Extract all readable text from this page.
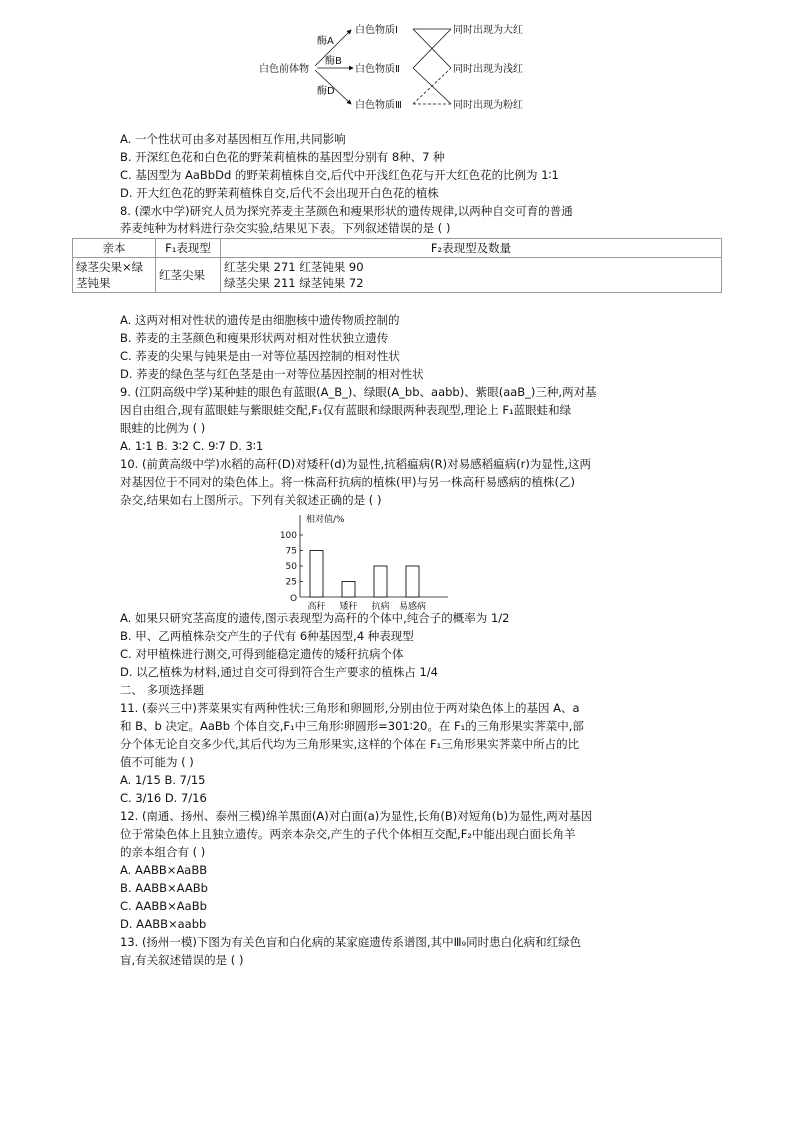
白色前体物
酶A
酶B
酶D
白色物质Ⅰ
白色物质Ⅱ
白色物质Ⅲ
同时出现为大红
同时出现为浅红
同时出现为粉红
A. 一个性状可由多对基因相互作用,共同影响
B. 开深红色花和白色花的野茉莉植株的基因型分别有 8种、7 种
C. 基因型为 AaBbDd 的野茉莉植株自交,后代中开浅红色花与开大红色花的比例为 1∶1
D. 开大红色花的野茉莉植株自交,后代不会出现开白色花的植株
8. (溧水中学)研究人员为探究荞麦主茎颜色和瘦果形状的遗传规律,以两种自交可育的普通
荞麦纯种为材料进行杂交实验,结果见下表。下列叙述错误的是 ( )
亲本	F₁表现型	F₂表现型及数量
绿茎尖果×绿
茎钝果	红茎尖果	红茎尖果 271 红茎钝果 90
绿茎尖果 211 绿茎钝果 72
A. 这两对相对性状的遗传是由细胞核中遗传物质控制的
B. 荞麦的主茎颜色和瘦果形状两对相对性状独立遗传
C. 荞麦的尖果与钝果是由一对等位基因控制的相对性状
D. 荞麦的绿色茎与红色茎是由一对等位基因控制的相对性状
9. (江阴高级中学)某种蛙的眼色有蓝眼(A_B_)、绿眼(A_bb、aabb)、紫眼(aaB_)三种,两对基
因自由组合,现有蓝眼蛙与紫眼蛙交配,F₁仅有蓝眼和绿眼两种表现型,理论上 F₁蓝眼蛙和绿
眼蛙的比例为 ( )
A. 1∶1 B. 3∶2 C. 9∶7 D. 3∶1
10. (前黄高级中学)水稻的高秆(D)对矮秆(d)为显性,抗稻瘟病(R)对易感稻瘟病(r)为显性,这两
对基因位于不同对的染色体上。将一株高秆抗病的植株(甲)与另一株高秆易感病的植株(乙)
杂交,结果如右上图所示。下列有关叙述正确的是 ( )
相对值/%
O
25
50
75
100
高秆 矮秆 抗病 易感病
A. 如果只研究茎高度的遗传,图示表现型为高秆的个体中,纯合子的概率为 1/2
B. 甲、乙两植株杂交产生的子代有 6种基因型,4 种表现型
C. 对甲植株进行测交,可得到能稳定遗传的矮秆抗病个体
D. 以乙植株为材料,通过自交可得到符合生产要求的植株占 1/4
二、 多项选择题
11. (泰兴三中)荠菜果实有两种性状:三角形和卵圆形,分别由位于两对染色体上的基因 A、a
和 B、b 决定。AaBb 个体自交,F₁中三角形∶卵圆形=301∶20。在 F₁的三角形果实荠菜中,部
分个体无论自交多少代,其后代均为三角形果实,这样的个体在 F₁三角形果实荠菜中所占的比
值不可能为 ( )
A. 1/15 B. 7/15
C. 3/16 D. 7/16
12. (南通、扬州、泰州三模)绵羊黑面(A)对白面(a)为显性,长角(B)对短角(b)为显性,两对基因
位于常染色体上且独立遗传。两亲本杂交,产生的子代个体相互交配,F₂中能出现白面长角羊
的亲本组合有 ( )
A. AABB×AaBB
B. AABB×AABb
C. AABB×AaBb
D. AABB×aabb
13. (扬州一模)下图为有关色盲和白化病的某家庭遗传系谱图,其中Ⅲ₉同时患白化病和红绿色
盲,有关叙述错误的是 ( )
